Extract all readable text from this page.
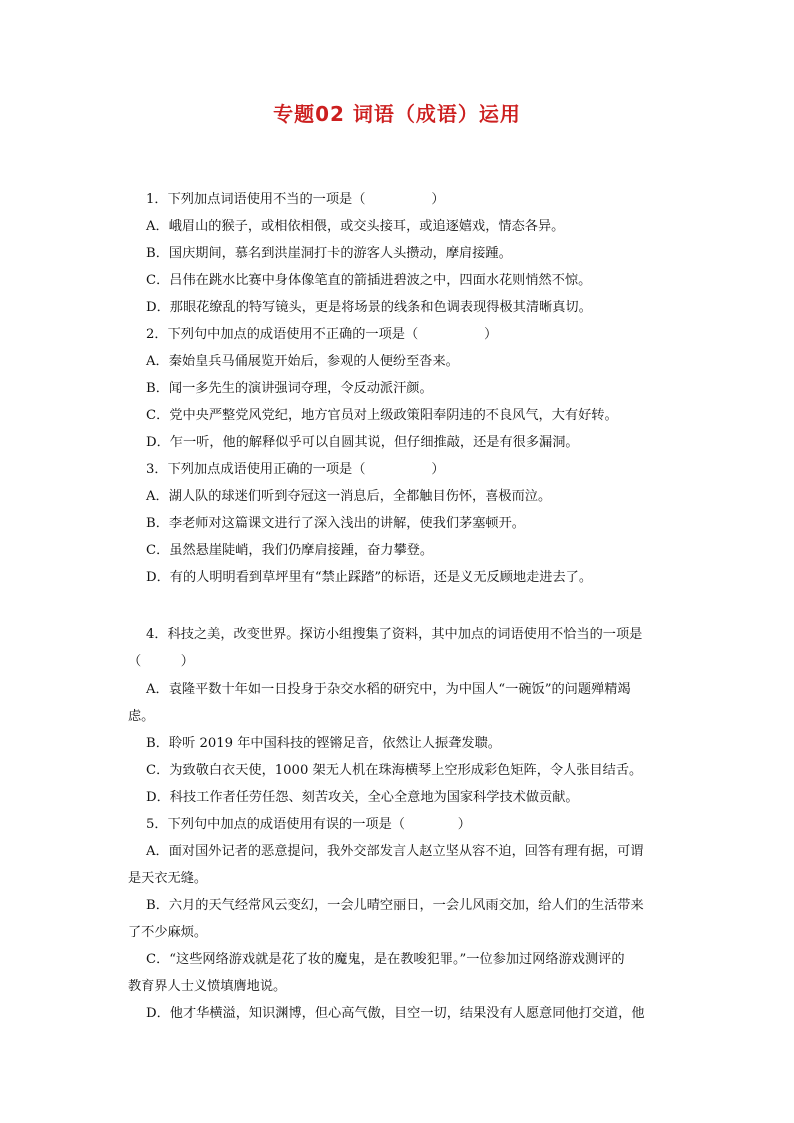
专题02 词语（成语）运用
1．下列加点词语使用不当的一项是（　　　　　）
A．峨眉山的猴子，或相依相偎，或交头接耳，或追逐嬉戏，情态各异。
B．国庆期间，慕名到洪崖洞打卡的游客人头攒动，摩肩接踵。
C．吕伟在跳水比赛中身体像笔直的箭插进碧波之中，四面水花则悄然不惊。
D．那眼花缭乱的特写镜头，更是将场景的线条和色调表现得极其清晰真切。
2．下列句中加点的成语使用不正确的一项是（　　　　　）
A．秦始皇兵马俑展览开始后，参观的人便纷至沓来。
B．闻一多先生的演讲强词夺理，令反动派汗颜。
C．党中央严整党风党纪，地方官员对上级政策阳奉阴违的不良风气，大有好转。
D．乍一听，他的解释似乎可以自圆其说，但仔细推敲，还是有很多漏洞。
3．下列加点成语使用正确的一项是（　　　　　）
A．湖人队的球迷们听到夺冠这一消息后，全都触目伤怀，喜极而泣。
B．李老师对这篇课文进行了深入浅出的讲解，使我们茅塞顿开。
C．虽然悬崖陡峭，我们仍摩肩接踵，奋力攀登。
D．有的人明明看到草坪里有“禁止踩踏”的标语，还是义无反顾地走进去了。
4．科技之美，改变世界。探访小组搜集了资料，其中加点的词语使用不恰当的一项是
（　　　）
A．袁隆平数十年如一日投身于杂交水稻的研究中，为中国人“一碗饭”的问题殚精竭
虑。
B．聆听 2019 年中国科技的铿锵足音，依然让人振聋发聩。
C．为致敬白衣天使，1000 架无人机在珠海横琴上空形成彩色矩阵，令人张目结舌。
D．科技工作者任劳任怨、刻苦攻关，全心全意地为国家科学技术做贡献。
5．下列句中加点的成语使用有误的一项是（　　　　）
A．面对国外记者的恶意提问，我外交部发言人赵立坚从容不迫，回答有理有据，可谓
是天衣无缝。
B．六月的天气经常风云变幻，一会儿晴空丽日，一会儿风雨交加，给人们的生活带来
了不少麻烦。
C．“这些网络游戏就是花了妆的魔鬼，是在教唆犯罪。”一位参加过网络游戏测评的
教育界人士义愤填膺地说。
D．他才华横溢，知识渊博，但心高气傲，目空一切，结果没有人愿意同他打交道，他
